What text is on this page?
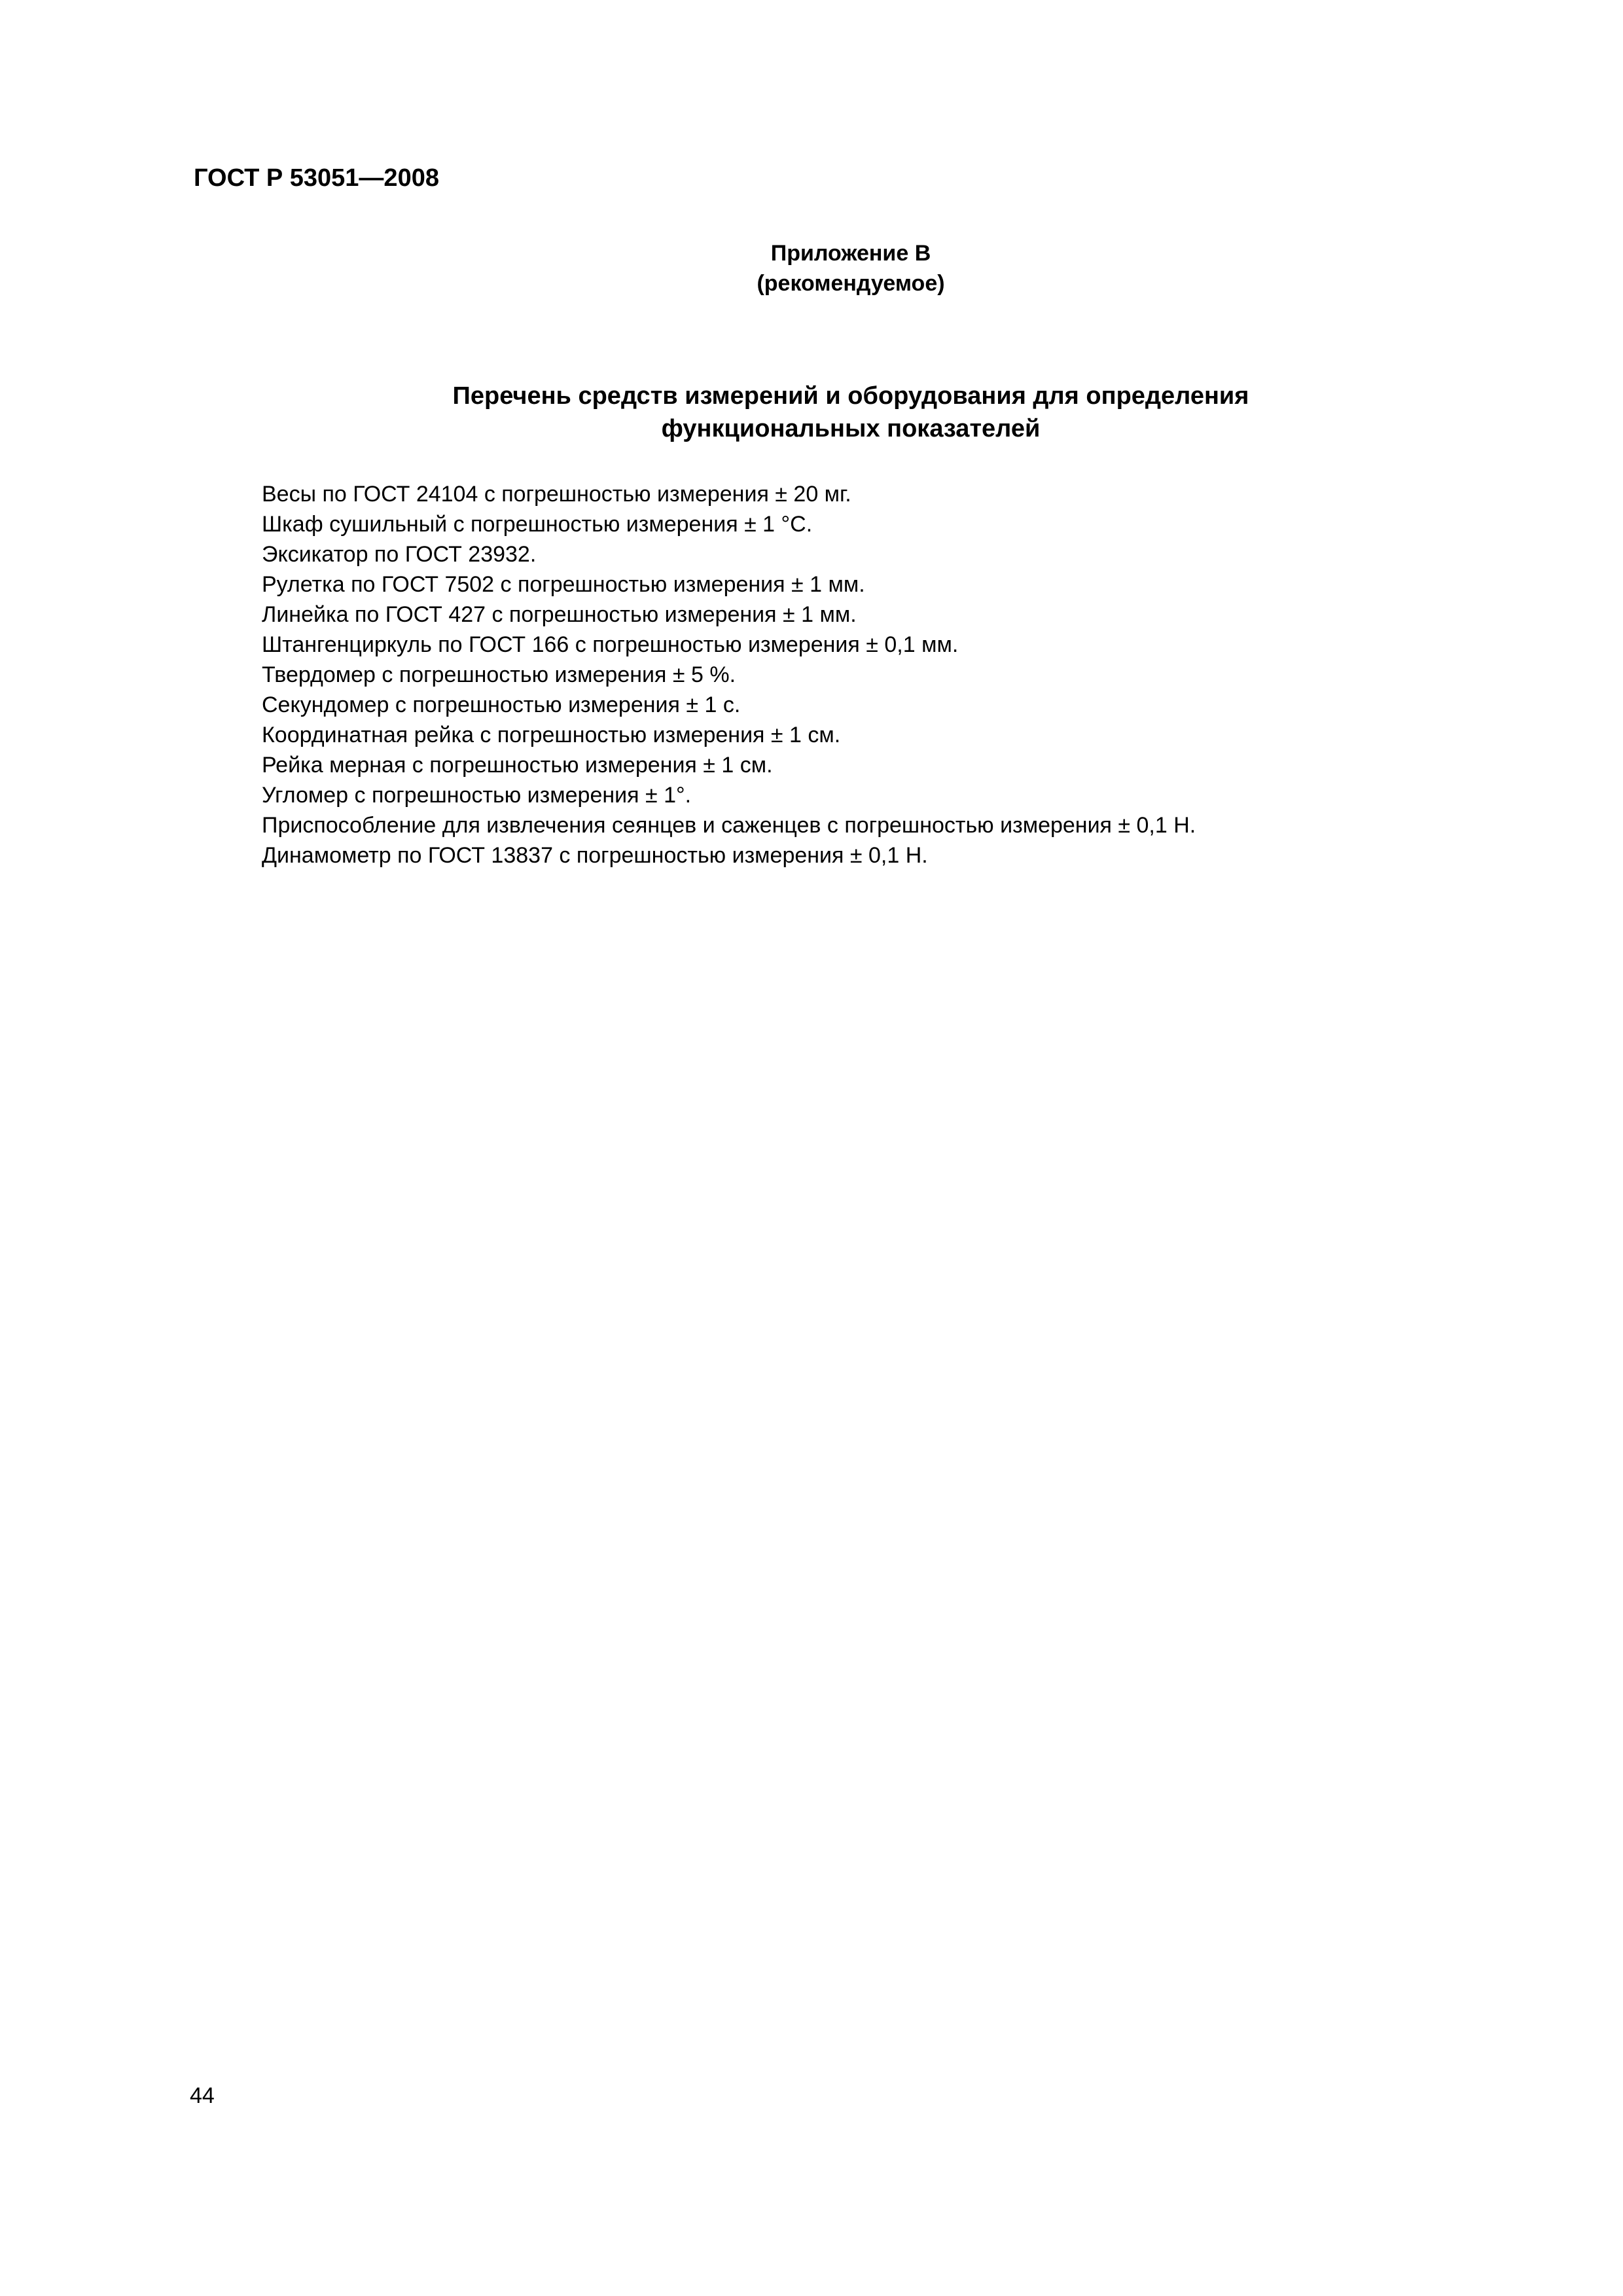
ГОСТ Р 53051—2008
Приложение В
(рекомендуемое)
Перечень средств измерений и оборудования для определения
функциональных показателей
Весы по ГОСТ 24104 с погрешностью измерения ± 20 мг.
Шкаф сушильный с погрешностью измерения ± 1 °С.
Эксикатор по ГОСТ 23932.
Рулетка по ГОСТ 7502 с погрешностью измерения ± 1 мм.
Линейка по ГОСТ 427 с погрешностью измерения ± 1 мм.
Штангенциркуль по ГОСТ 166 с погрешностью измерения ± 0,1 мм.
Твердомер с погрешностью измерения ± 5 %.
Секундомер с погрешностью измерения ± 1 с.
Координатная рейка с погрешностью измерения ± 1 см.
Рейка мерная с погрешностью измерения ± 1 см.
Угломер с погрешностью измерения ± 1°.
Приспособление для извлечения сеянцев и саженцев с погрешностью измерения ± 0,1 Н.
Динамометр по ГОСТ 13837 с погрешностью измерения ± 0,1 Н.
44
